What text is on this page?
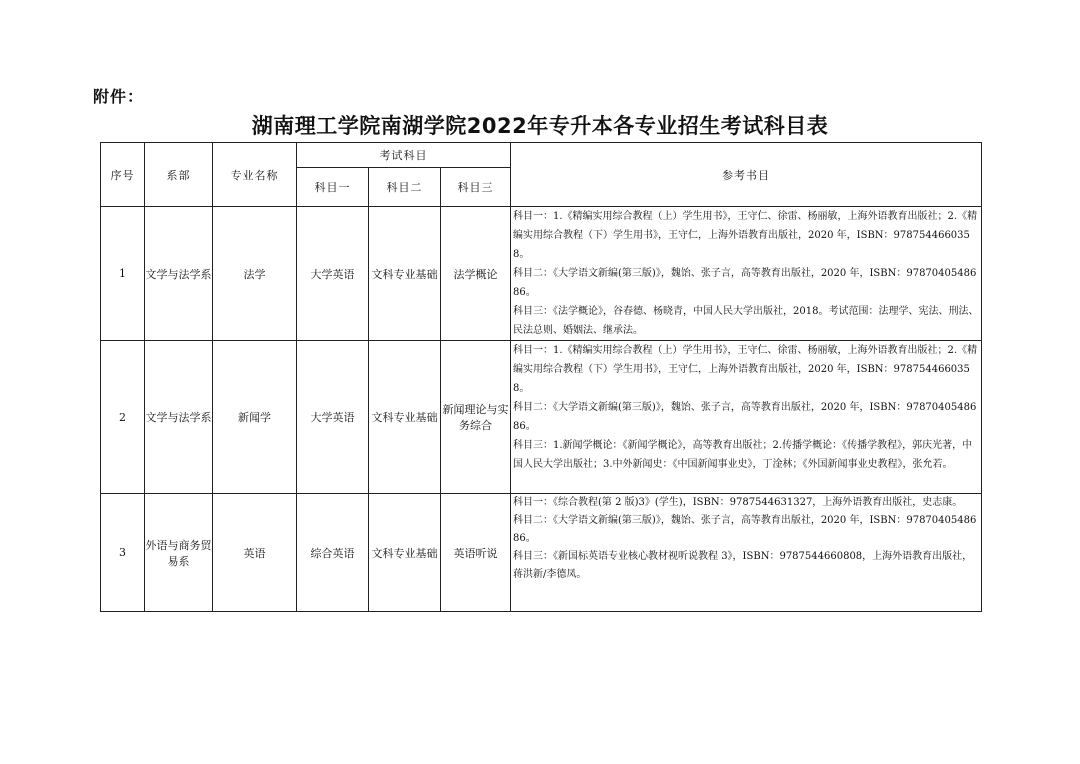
附件：
湖南理工学院南湖学院2022年专升本各专业招生考试科目表
序号	系部	专业名称	考试科目			参考书目
			科目一	科目二	科目三	
1	文学与法学系	法学	大学英语	文科专业基础	法学概论	科目一：1.《精编实用综合教程（上）学生用书》，王守仁、徐雷、杨丽敏，上海外语教育出版社；2.《精编实用综合教程（下）学生用书》，王守仁，上海外语教育出版社，2020 年，ISBN：9787544660358。
科目二：《大学语文新编(第三版)》，魏饴、张子言，高等教育出版社，2020 年，ISBN：9787040548686。
科目三：《法学概论》，谷春德、杨晓青，中国人民大学出版社，2018。考试范围：法理学、宪法、刑法、民法总则、婚姻法、继承法。

2	文学与法学系	新闻学	大学英语	文科专业基础	新闻理论与实务综合	科目一：1.《精编实用综合教程（上）学生用书》，王守仁、徐雷、杨丽敏，上海外语教育出版社；2.《精编实用综合教程（下）学生用书》，王守仁，上海外语教育出版社，2020 年，ISBN：9787544660358。
科目二：《大学语文新编(第三版)》，魏饴、张子言，高等教育出版社，2020 年，ISBN：9787040548686。
科目三：1.新闻学概论：《新闻学概论》，高等教育出版社；2.传播学概论：《传播学教程》，郭庆光著，中国人民大学出版社；3.中外新闻史：《中国新闻事业史》，丁淦林；《外国新闻事业史教程》，张允若。

3	外语与商务贸易系	英语	综合英语	文科专业基础	英语听说	科目一：《综合教程(第 2 版)3》(学生)，ISBN：9787544631327，上海外语教育出版社，史志康。
科目二：《大学语文新编(第三版)》，魏饴、张子言，高等教育出版社，2020 年，ISBN：9787040548686。
科目三：《新国标英语专业核心教材视听说教程 3》，ISBN：9787544660808，上海外语教育出版社，蒋洪新/李德凤。
